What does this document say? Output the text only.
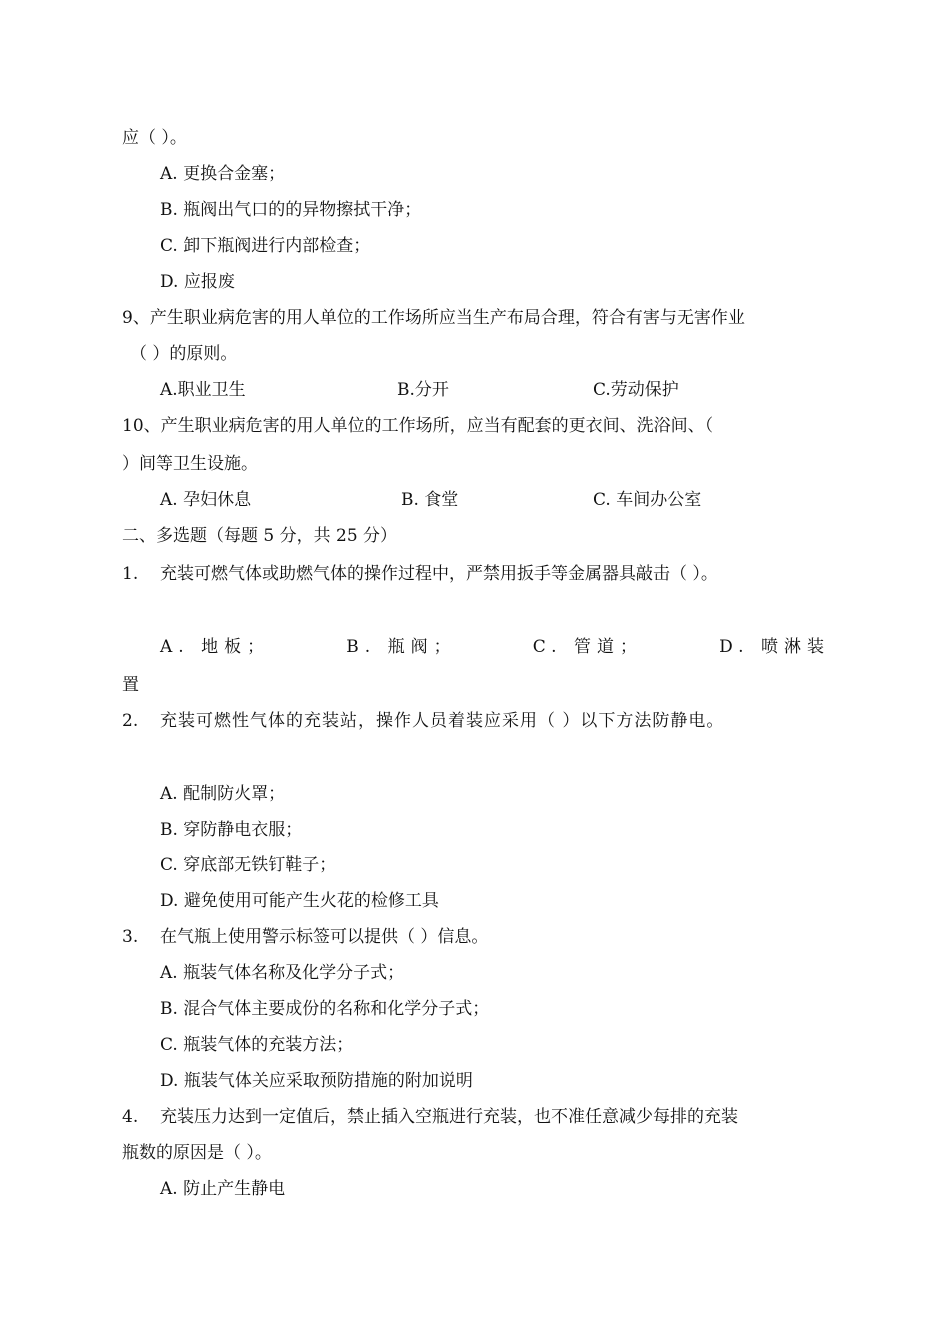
应（ ）。
A. 更换合金塞；
B. 瓶阀出气口的的异物擦拭干净；
C. 卸下瓶阀进行内部检查；
D. 应报废
9、产生职业病危害的用人单位的工作场所应当生产布局合理，符合有害与无害作业
（ ）的原则。
A.职业卫生	B.分开	C.劳动保护
10、产生职业病危害的用人单位的工作场所，应当有配套的更衣间、洗浴间、（
）间等卫生设施。
A. 孕妇休息	B. 食堂	C. 车间办公室
二、多选题（每题 5 分，共 25 分）
1. 充装可燃气体或助燃气体的操作过程中，严禁用扳手等金属器具敲击（ ）。
A. 地板；	B. 瓶阀；	C. 管道；	D. 喷淋装
置
2. 充装可燃性气体的充装站，操作人员着装应采用（ ）以下方法防静电。
A. 配制防火罩；
B. 穿防静电衣服；
C. 穿底部无铁钉鞋子；
D. 避免使用可能产生火花的检修工具
3. 在气瓶上使用警示标签可以提供（ ）信息。
A. 瓶装气体名称及化学分子式；
B. 混合气体主要成份的名称和化学分子式；
C. 瓶装气体的充装方法；
D. 瓶装气体关应采取预防措施的附加说明
4. 充装压力达到一定值后，禁止插入空瓶进行充装，也不准任意减少每排的充装
瓶数的原因是（ ）。
A. 防止产生静电
